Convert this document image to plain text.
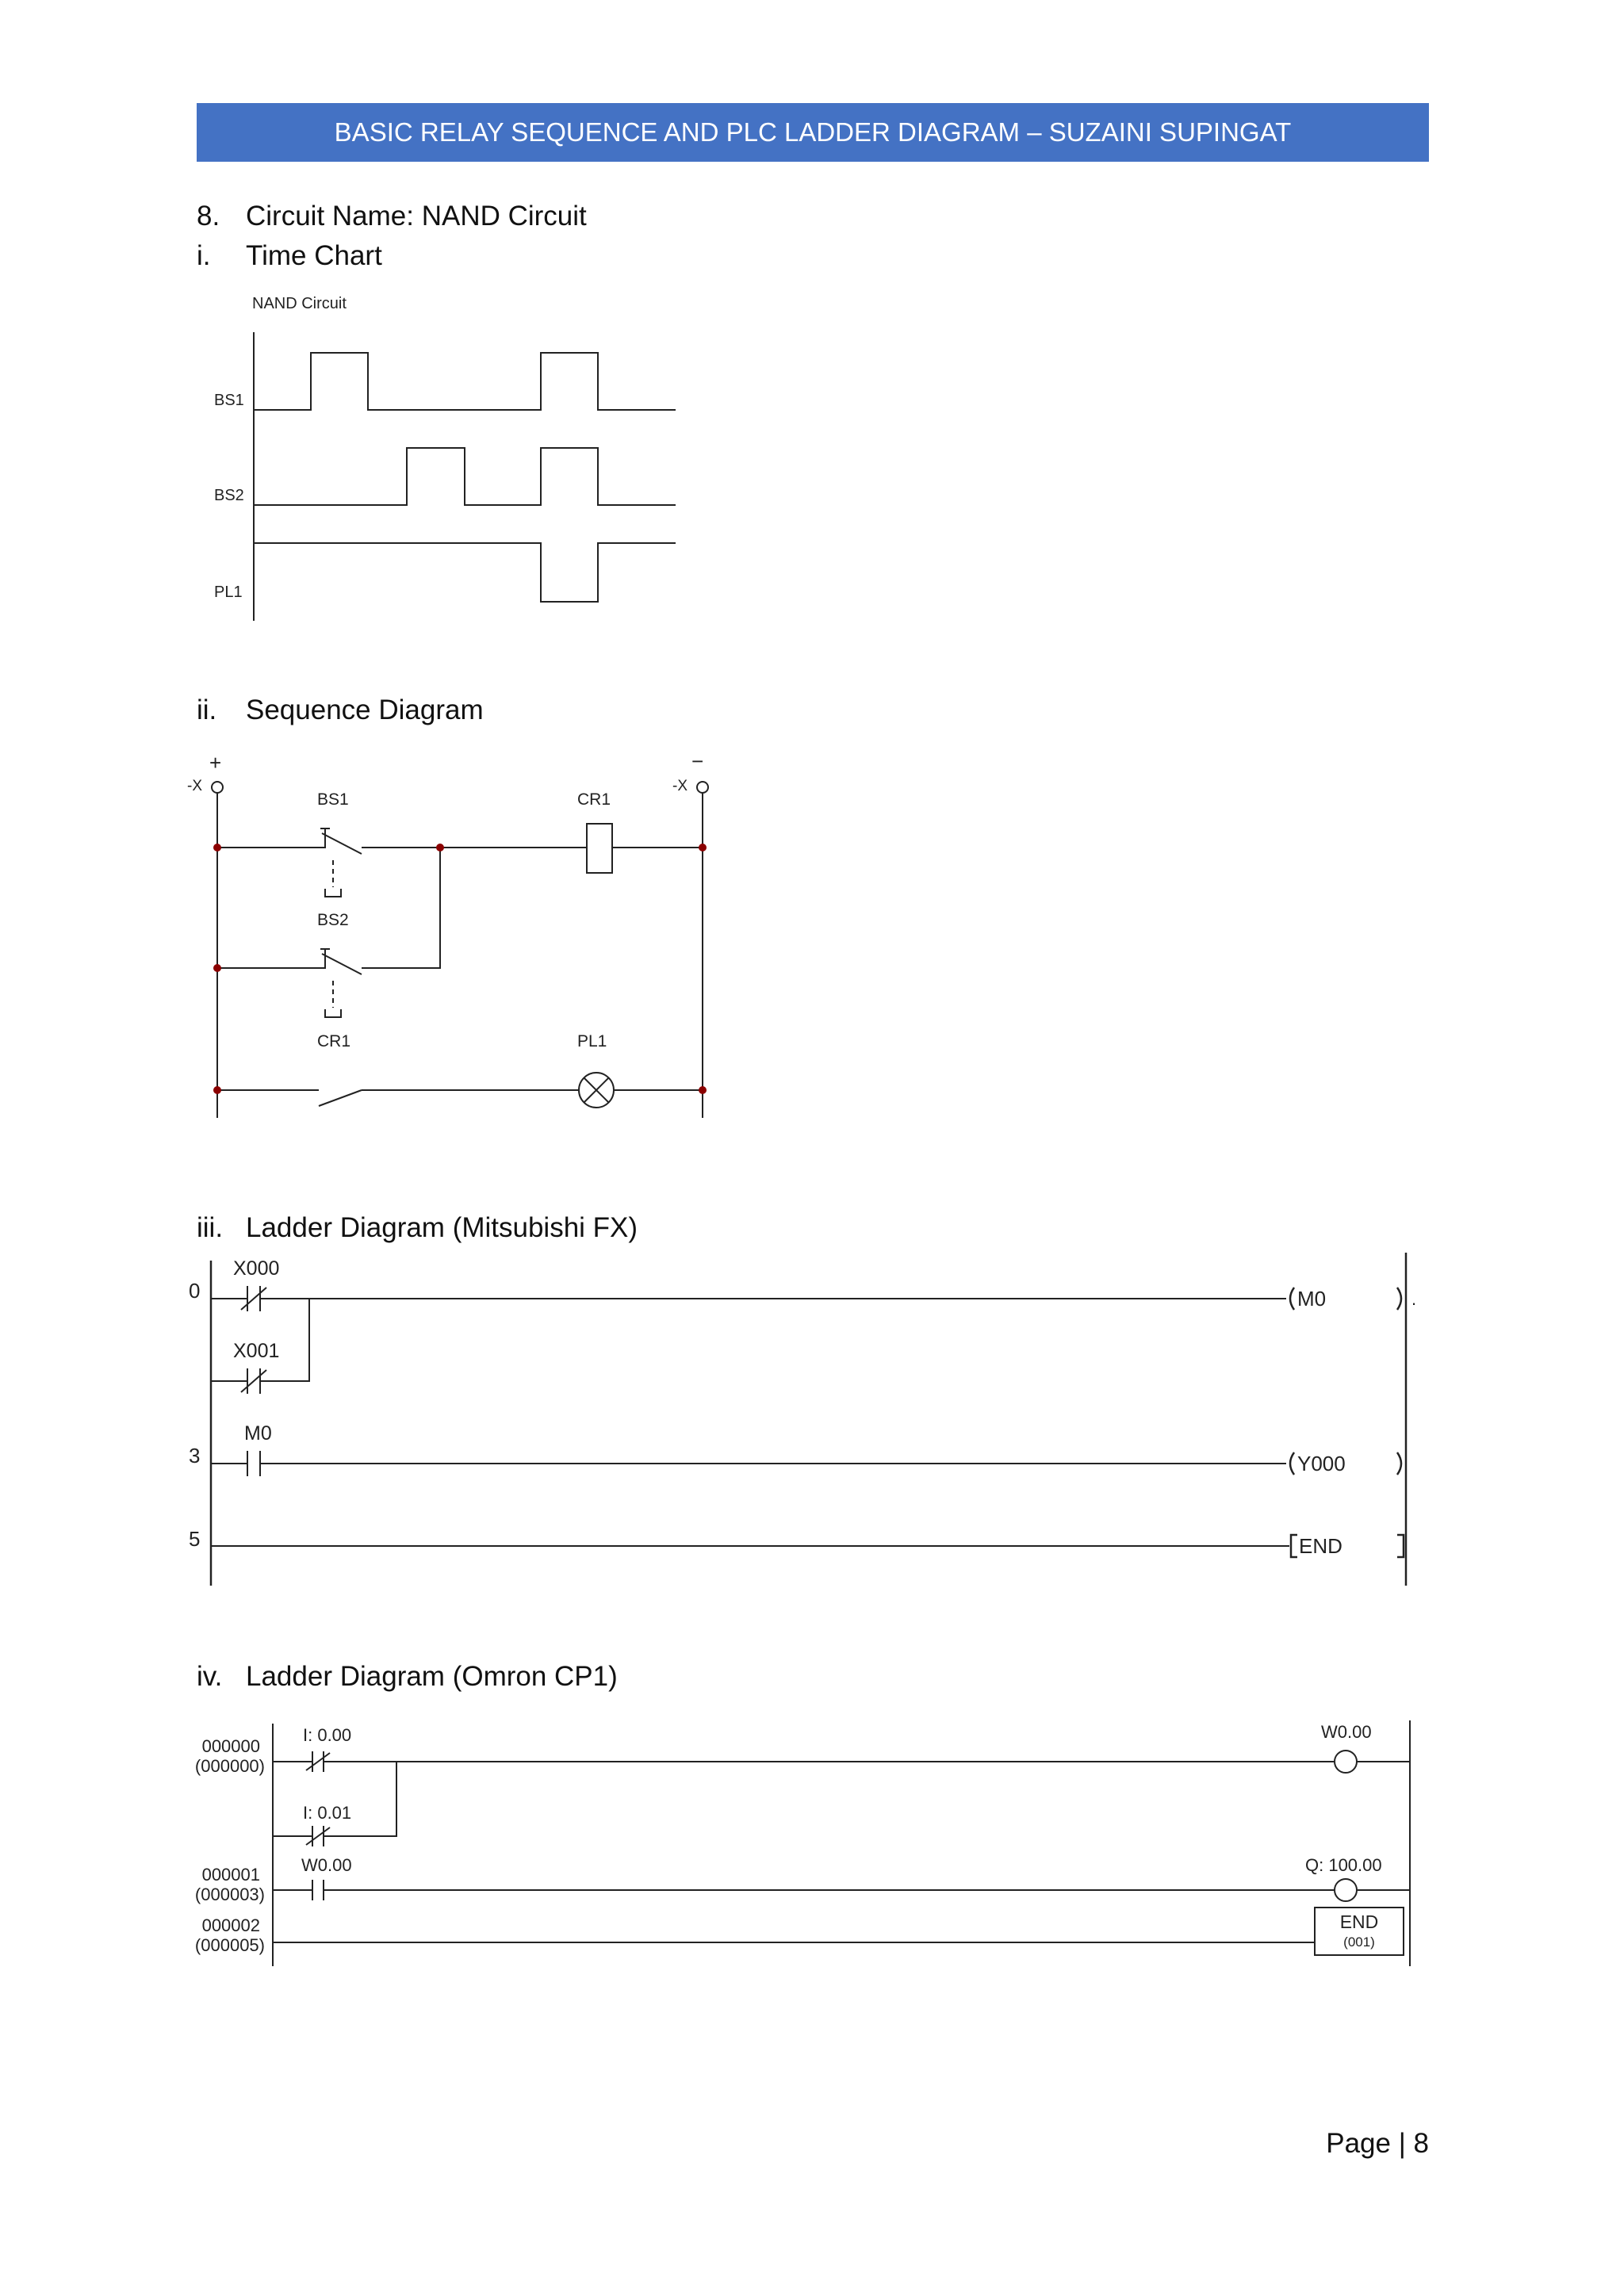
BASIC RELAY SEQUENCE AND PLC LADDER DIAGRAM – SUZAINI SUPINGAT
8. Circuit Name: NAND Circuit
i. Time Chart
NAND Circuit
BS1
BS2
PL1
ii. Sequence Diagram
+	−
-X	-X
BS1	CR1
BS2
CR1	PL1
iii. Ladder Diagram (Mitsubishi FX)
0
3
5
X000
X001
M0	.
M0
Y000
END
iv. Ladder Diagram (Omron CP1)
000000
(000000)
000001
(000003)
000002
(000005)
I: 0.00
I: 0.01
W0.00
W0.00	Q: 100.00
END
(001)
Page | 8
